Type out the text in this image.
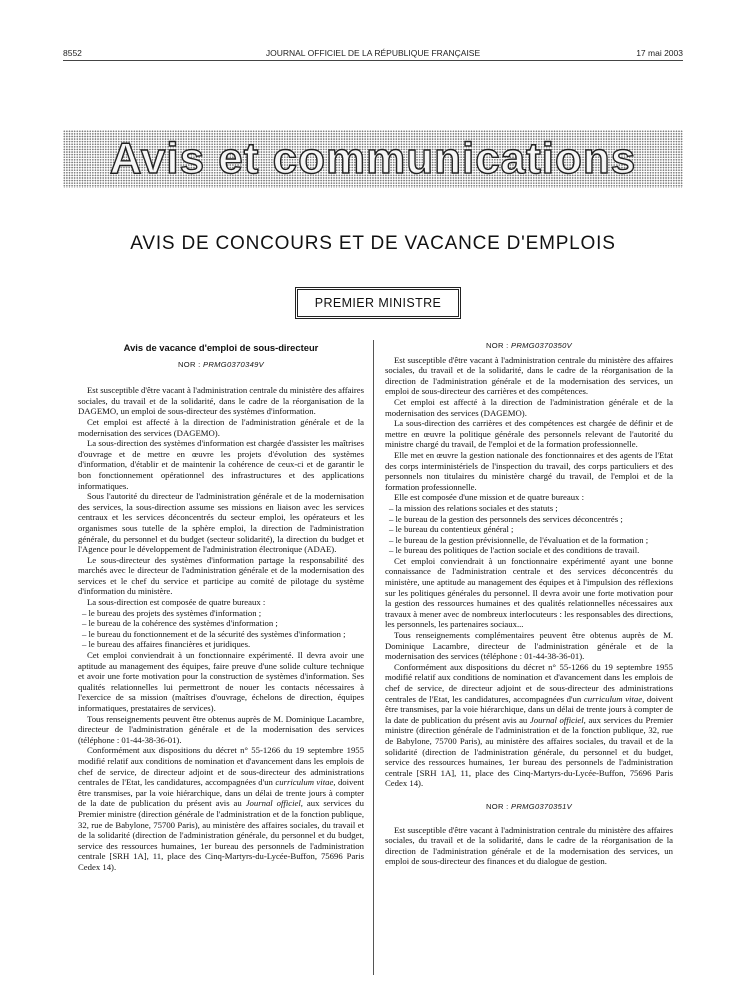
8552	JOURNAL OFFICIEL DE LA RÉPUBLIQUE FRANÇAISE	17 mai 2003
Avis et communications
AVIS DE CONCOURS ET DE VACANCE D'EMPLOIS
PREMIER MINISTRE
Avis de vacance d'emploi de sous-directeur
NOR : PRMG0370349V

Est susceptible d'être vacant à l'administration centrale du ministère des affaires sociales, du travail et de la solidarité, dans le cadre de la réorganisation de la DAGEMO, un emploi de sous-directeur des systèmes d'information.

Cet emploi est affecté à la direction de l'administration générale et de la modernisation des services (DAGEMO).

La sous-direction des systèmes d'information est chargée d'assister les maîtrises d'ouvrage et de mettre en œuvre les projets d'évolution des systèmes d'information, d'établir et de maintenir la cohérence de ceux-ci et de garantir le bon fonctionnement opérationnel des infrastructures et des applications informatiques.

Sous l'autorité du directeur de l'administration générale et de la modernisation des services, la sous-direction assume ses missions en liaison avec les services centraux et les services déconcentrés du secteur emploi, les opérateurs et les organismes sous tutelle de la sphère emploi, la direction de l'administration générale, du personnel et du budget (secteur solidarité), la direction du budget et l'Agence pour le développement de l'administration électronique (ADAE).

Le sous-directeur des systèmes d'information partage la responsabilité des marchés avec le directeur de l'administration générale et de la modernisation des services et le chef du service et participe au comité de pilotage du système d'information du ministère.

La sous-direction est composée de quatre bureaux :

– le bureau des projets des systèmes d'information ;

– le bureau de la cohérence des systèmes d'information ;

– le bureau du fonctionnement et de la sécurité des systèmes d'information ;

– le bureau des affaires financières et juridiques.

Cet emploi conviendrait à un fonctionnaire expérimenté. Il devra avoir une aptitude au management des équipes, faire preuve d'une solide culture technique et avoir une forte motivation pour la construction de systèmes d'information. Ses qualités relationnelles lui permettront de nouer les contacts nécessaires à l'exercice de sa mission (maîtrises d'ouvrage, échelons de direction, équipes informatiques, prestataires de services).

Tous renseignements peuvent être obtenus auprès de M. Dominique Lacambre, directeur de l'administration générale et de la modernisation des services (téléphone : 01-44-38-36-01).

Conformément aux dispositions du décret n° 55-1266 du 19 septembre 1955 modifié relatif aux conditions de nomination et d'avancement dans les emplois de chef de service, de directeur adjoint et de sous-directeur des administrations centrales de l'Etat, les candidatures, accompagnées d'un curriculum vitae, doivent être transmises, par la voie hiérarchique, dans un délai de trente jours à compter de la date de publication du présent avis au Journal officiel, aux services du Premier ministre (direction générale de l'administration et de la fonction publique, 32, rue de Babylone, 75700 Paris), au ministère des affaires sociales, du travail et de la solidarité (direction de l'administration générale, du personnel et du budget, service des ressources humaines, 1er bureau des personnels de l'administration centrale [SRH 1A], 11, place des Cinq-Martyrs-du-Lycée-Buffon, 75696 Paris Cedex 14).

NOR : PRMG0370350V

Est susceptible d'être vacant à l'administration centrale du ministère des affaires sociales, du travail et de la solidarité, dans le cadre de la réorganisation de la direction de l'administration générale et de la modernisation des services, un emploi de sous-directeur des carrières et des compétences.

Cet emploi est affecté à la direction de l'administration générale et de la modernisation des services (DAGEMO).

La sous-direction des carrières et des compétences est chargée de définir et de mettre en œuvre la politique générale des personnels relevant de l'autorité du ministre chargé du travail, de l'emploi et de la formation professionnelle.

Elle met en œuvre la gestion nationale des fonctionnaires et des agents de l'Etat des corps interministériels de l'inspection du travail, des corps particuliers et des personnels non titulaires du ministère chargé du travail, de l'emploi et de la formation professionnelle.

Elle est composée d'une mission et de quatre bureaux :

– la mission des relations sociales et des statuts ;

– le bureau de la gestion des personnels des services déconcentrés ;

– le bureau du contentieux général ;

– le bureau de la gestion prévisionnelle, de l'évaluation et de la formation ;

– le bureau des politiques de l'action sociale et des conditions de travail.

Cet emploi conviendrait à un fonctionnaire expérimenté ayant une bonne connaissance de l'administration centrale et des services déconcentrés du ministère, une aptitude au management des équipes et à l'impulsion des réflexions sur les politiques générales du personnel. Il devra avoir une forte motivation pour la gestion des ressources humaines et des qualités relationnelles nécessaires aux travaux à mener avec de nombreux interlocuteurs : les responsables des directions, les personnels, les partenaires sociaux...

Tous renseignements complémentaires peuvent être obtenus auprès de M. Dominique Lacambre, directeur de l'administration générale et de la modernisation des services (téléphone : 01-44-38-36-01).

Conformément aux dispositions du décret n° 55-1266 du 19 septembre 1955 modifié relatif aux conditions de nomination et d'avancement dans les emplois de chef de service, de directeur adjoint et de sous-directeur des administrations centrales de l'Etat, les candidatures, accompagnées d'un curriculum vitae, doivent être transmises, par la voie hiérarchique, dans un délai de trente jours à compter de la date de publication du présent avis au Journal officiel, aux services du Premier ministre (direction générale de l'administration et de la fonction publique, 32, rue de Babylone, 75700 Paris), au ministère des affaires sociales, du travail et de la solidarité (direction de l'administration générale, du personnel et du budget, service des ressources humaines, 1er bureau des personnels de l'administration centrale [SRH 1A], 11, place des Cinq-Martyrs-du-Lycée-Buffon, 75696 Paris Cedex 14).

NOR : PRMG0370351V

Est susceptible d'être vacant à l'administration centrale du ministère des affaires sociales, du travail et de la solidarité, dans le cadre de la réorganisation de la direction de l'administration générale et de la modernisation des services, un emploi de sous-directeur des finances et du dialogue de gestion.
